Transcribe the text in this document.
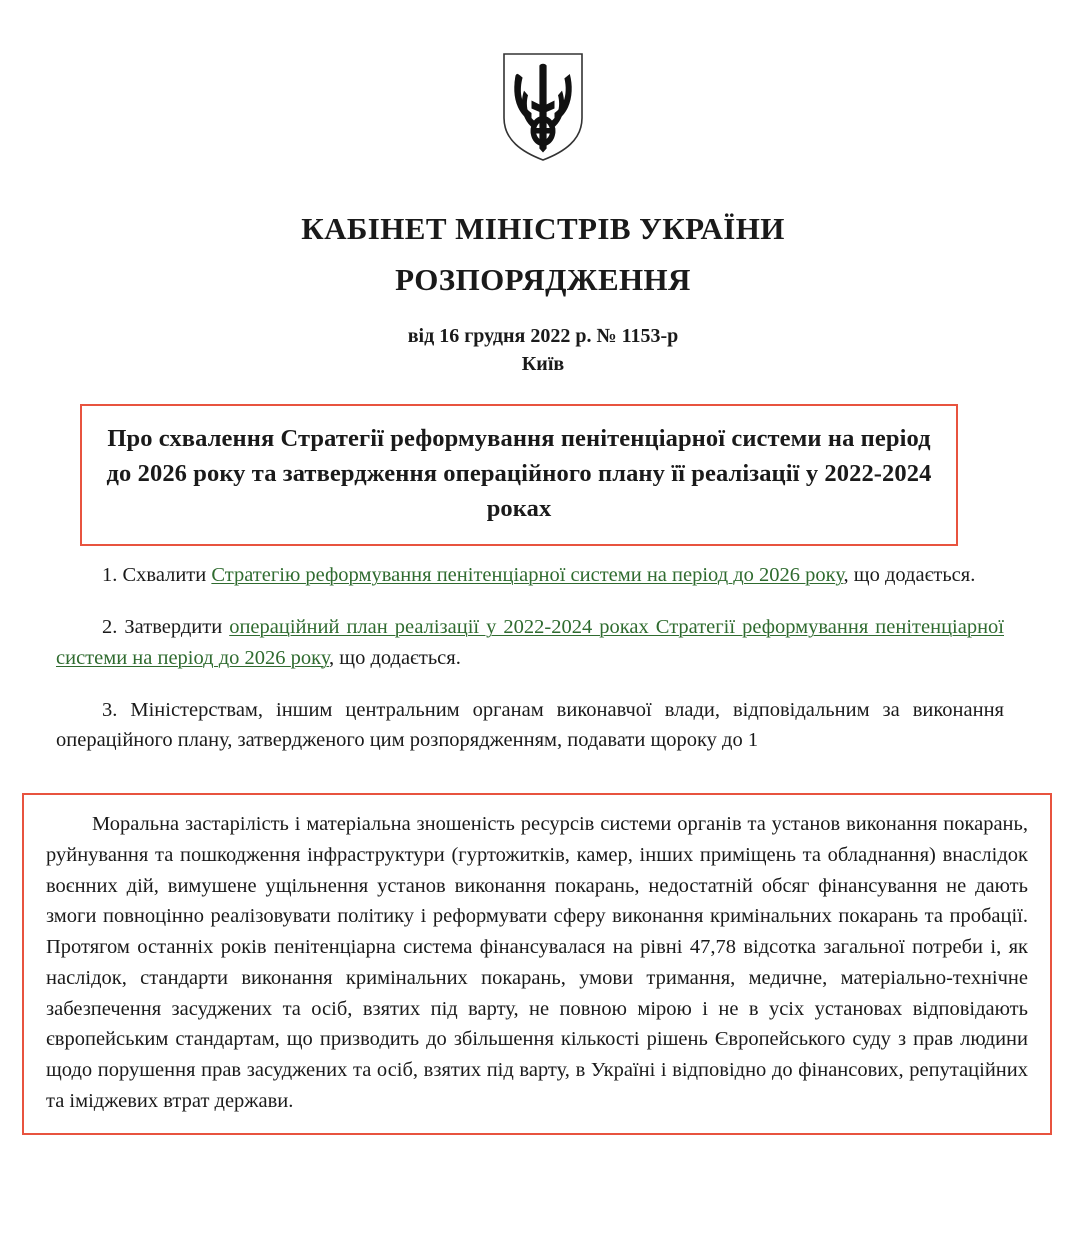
КАБІНЕТ МІНІСТРІВ УКРАЇНИ
РОЗПОРЯДЖЕННЯ
від 16 грудня 2022 р. № 1153-р
Київ
Про схвалення Стратегії реформування пенітенціарної системи на період до 2026 року та затвердження операційного плану її реалізації у 2022-2024 роках

1. Схвалити Стратегію реформування пенітенціарної системи на період до 2026 року, що додається.

2. Затвердити операційний план реалізації у 2022-2024 роках Стратегії реформування пенітенціарної системи на період до 2026 року, що додається.

3. Міністерствам, іншим центральним органам виконавчої влади, відповідальним за виконання операційного плану, затвердженого цим розпорядженням, подавати щороку до 1

Моральна застарілість і матеріальна зношеність ресурсів системи органів та установ виконання покарань, руйнування та пошкодження інфраструктури (гуртожитків, камер, інших приміщень та обладнання) внаслідок воєнних дій, вимушене ущільнення установ виконання покарань, недостатній обсяг фінансування не дають змоги повноцінно реалізовувати політику і реформувати сферу виконання кримінальних покарань та пробації. Протягом останніх років пенітенціарна система фінансувалася на рівні 47,78 відсотка загальної потреби і, як наслідок, стандарти виконання кримінальних покарань, умови тримання, медичне, матеріально-технічне забезпечення засуджених та осіб, взятих під варту, не повною мірою і не в усіх установах відповідають європейським стандартам, що призводить до збільшення кількості рішень Європейського суду з прав людини щодо порушення прав засуджених та осіб, взятих під варту, в Україні і відповідно до фінансових, репутаційних та іміджевих втрат держави.
